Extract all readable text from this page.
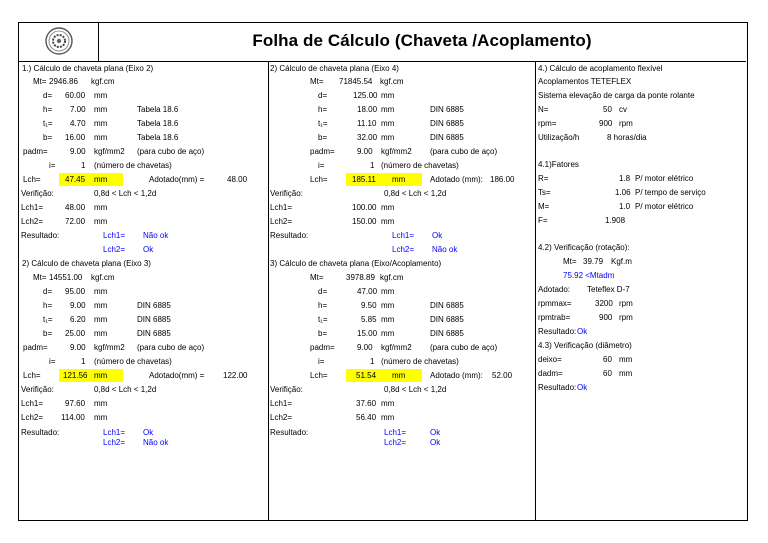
Folha de Cálculo (Chaveta /Acoplamento)
1.) Cálculo de chaveta plana (Eixo 2)
Mt= 2946.86 kgf.cm
d= 60.00 mm
h= 7.00 mm	Tabela 18.6
t₁= 4.70 mm	Tabela 18.6
b= 16.00 mm	Tabela 18.6
padm=	9.00 kgf/mm2 (para cubo de aço)
i=	1 (número de chavetas)
Lch=	47.45 mm	Adotado(mm) =	48.00
Verifição:	0,8d < Lch < 1,2d
Lch1=	48.00 mm
Lch2=	72.00 mm
Resultado:	Lch1= Não ok
Lch2= Ok
2) Cálculo de chaveta plana (Eixo 3)
Mt= 14551.00 kgf.cm
d= 95.00 mm
h= 9.00 mm	DIN 6885
t₁= 6.20 mm	DIN 6885
b= 25.00 mm	DIN 6885
padm=	9.00 kgf/mm2 (para cubo de aço)
i=	1 (número de chavetas)
Lch=	121.56 mm	Adotado(mm) = 122.00
Verifição:	0,8d < Lch < 1,2d
Lch1=	97.60 mm
Lch2= 114.00 mm
Resultado:	Lch1= Ok
Lch2= Não ok
2) Cálculo de chaveta plana (Eixo 4)
Mt= 71845.54 kgf.cm
d=	125.00 mm
h=	18.00 mm	DIN 6885
t₁=	11.10 mm	DIN 6885
b=	32.00 mm	DIN 6885
padm=	9.00 kgf/mm2 (para cubo de aço)
i=	1 (número de chavetas)
Lch=	185.11 mm	Adotado (mm): 186.00
Verifição:	0,8d < Lch < 1,2d
Lch1=	100.00 mm
Lch2=	150.00 mm
Resultado:	Lch1= Ok
Lch2= Não ok
3) Cálculo de chaveta plana (Eixo/Acoplamento)
Mt=	3978.89 kgf.cm
d=	47.00 mm
h=	9.50 mm	DIN 6885
t₁=	5.85 mm	DIN 6885
b=	15.00 mm	DIN 6885
padm=	9.00 kgf/mm2 (para cubo de aço)
i=	1 (número de chavetas)
Lch=	51.54 mm	Adotado (mm): 52.00
Verifição:	0,8d < Lch < 1,2d
Lch1=	37.60 mm
Lch2=	56.40 mm
Resultado:	Lch1=	Ok
Lch2=	Ok
4.) Cálculo de acoplamento flexível
Acoplamentos TETEFLEX
Sistema elevação de carga da ponte rolante
N=	50 cv
rpm=	900 rpm
Utilização/h	8 horas/dia
4.1)Fatores
R=	1.8 P/ motor elétrico
Ts=	1.06 P/ tempo de serviço
M=	1.0 P/ motor elétrico
F=	1.908
4.2) Verificação (rotação):
Mt= 39.79 Kgf.m
75.92 <Mtadm
Adotado: Teteflex D-7
rpmmax=	3200 rpm
rpmtrab=	900 rpm
Resultado: Ok
4.3) Verificação (diâmetro)
deixo=	60 mm
dadm=	60 mm
Resultado: Ok
